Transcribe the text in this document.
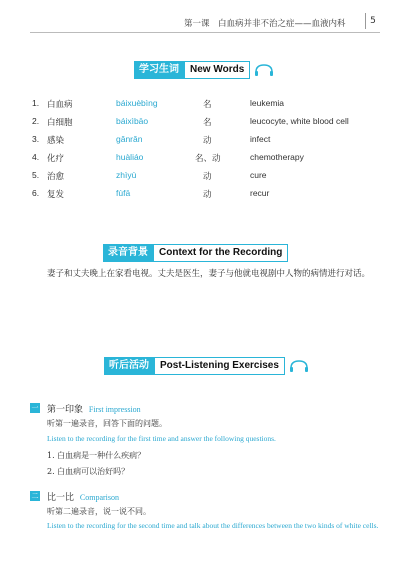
第一课　白血病并非不治之症——血液内科	5
学习生词	New Words
1. 白血病	báixuèbìng	名	leukemia
2. 白细胞	báixìbāo	名	leucocyte, white blood cell
3. 感染	gǎnrǎn	动	infect
4. 化疗	huàliáo	名、动	chemotherapy
5. 治愈	zhìyù	动	cure
6. 复发	fùfā	动	recur
录音背景	Context for the Recording
妻子和丈夫晚上在家看电视。丈夫是医生，妻子与他就电视剧中人物的病情进行对话。
听后活动	Post-Listening Exercises
一 第一印象 First impression
听第一遍录音，回答下面的问题。
Listen to the recording for the first time and answer the following questions.
1. 白血病是一种什么疾病？
2. 白血病可以治好吗？
二 比一比 Comparison
听第二遍录音，说一说不同。
Listen to the recording for the second time and talk about the differences between the two kinds of white cells.
